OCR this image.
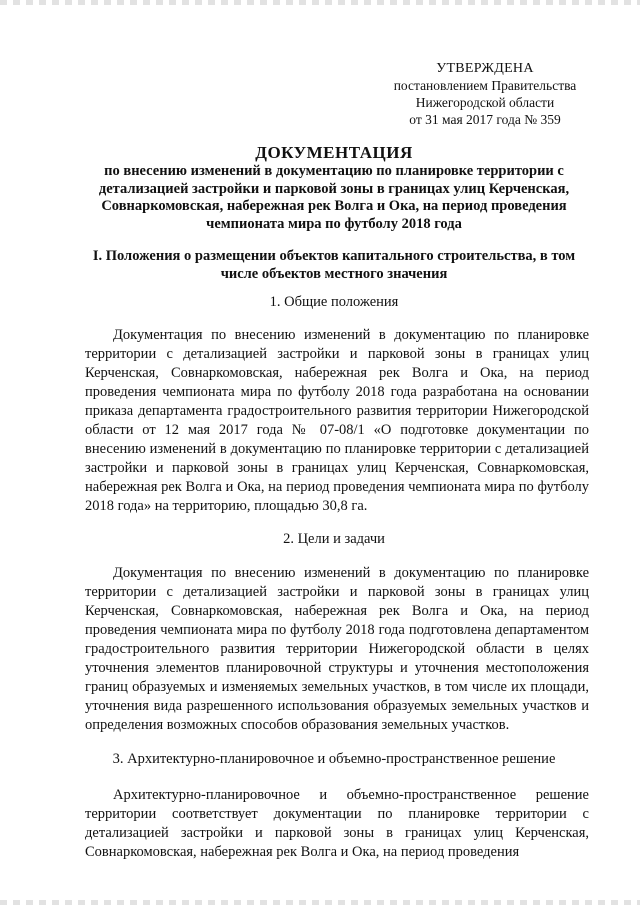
УТВЕРЖДЕНА
постановлением Правительства
Нижегородской области
от 31 мая 2017 года № 359
ДОКУМЕНТАЦИЯ
по внесению изменений в документацию по планировке территории с детализацией застройки и парковой зоны в границах улиц Керченская, Совнаркомовская, набережная рек Волга и Ока, на период проведения чемпионата мира по футболу 2018 года
I. Положения о размещении объектов капитального строительства, в том числе объектов местного значения
1. Общие положения

Документация по внесению изменений в документацию по планировке территории с детализацией застройки и парковой зоны в границах улиц Керченская, Совнаркомовская, набережная рек Волга и Ока, на период проведения чемпионата мира по футболу 2018 года разработана на основании приказа департамента градостроительного развития территории Нижегородской области от 12 мая 2017 года № 07-08/1 «О подготовке документации по внесению изменений в документацию по планировке территории с детализацией застройки и парковой зоны в границах улиц Керченская, Совнаркомовская, набережная рек Волга и Ока, на период проведения чемпионата мира по футболу 2018 года» на территорию, площадью 30,8 га.

2. Цели и задачи

Документация по внесению изменений в документацию по планировке территории с детализацией застройки и парковой зоны в границах улиц Керченская, Совнаркомовская, набережная рек Волга и Ока, на период проведения чемпионата мира по футболу 2018 года подготовлена департаментом градостроительного развития территории Нижегородской области в целях уточнения элементов планировочной структуры и уточнения местоположения границ образуемых и изменяемых земельных участков, в том числе их площади, уточнения вида разрешенного использования образуемых земельных участков и определения возможных способов образования земельных участков.

3. Архитектурно-планировочное и объемно-пространственное решение

Архитектурно-планировочное и объемно-пространственное решение территории соответствует документации по планировке территории с детализацией застройки и парковой зоны в границах улиц Керченская, Совнаркомовская, набережная рек Волга и Ока, на период проведения
